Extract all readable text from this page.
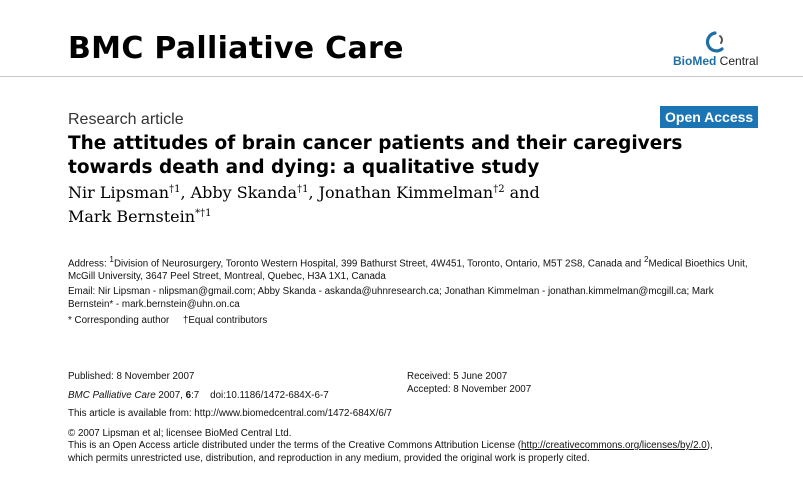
BMC Palliative Care	BioMed Central
Research article	Open Access
The attitudes of brain cancer patients and their caregivers towards death and dying: a qualitative study
Nir Lipsman$^{\dagger 1}$, Abby Skanda$^{\dagger 1}$, Jonathan Kimmelman$^{\dagger 2}$ and
Mark Bernstein$^{*\dagger 1}$
Address: $^1$Division of Neurosurgery, Toronto Western Hospital, 399 Bathurst Street, 4W451, Toronto, Ontario, M5T 2S8, Canada and $^2$Medical Bioethics Unit, McGill University, 3647 Peel Street, Montreal, Quebec, H3A 1X1, Canada
Email: Nir Lipsman - nlipsman@gmail.com; Abby Skanda - askanda@uhnresearch.ca; Jonathan Kimmelman - jonathan.kimmelman@mcgill.ca; Mark Bernstein* - mark.bernstein@uhn.on.ca
* Corresponding author     †Equal contributors
Published: 8 November 2007	Received: 5 June 2007
Accepted: 8 November 2007
BMC Palliative Care 2007, 6:7    doi:10.1186/1472-684X-6-7
This article is available from: http://www.biomedcentral.com/1472-684X/6/7
© 2007 Lipsman et al; licensee BioMed Central Ltd.
This is an Open Access article distributed under the terms of the Creative Commons Attribution License (http://creativecommons.org/licenses/by/2.0),
which permits unrestricted use, distribution, and reproduction in any medium, provided the original work is properly cited.
